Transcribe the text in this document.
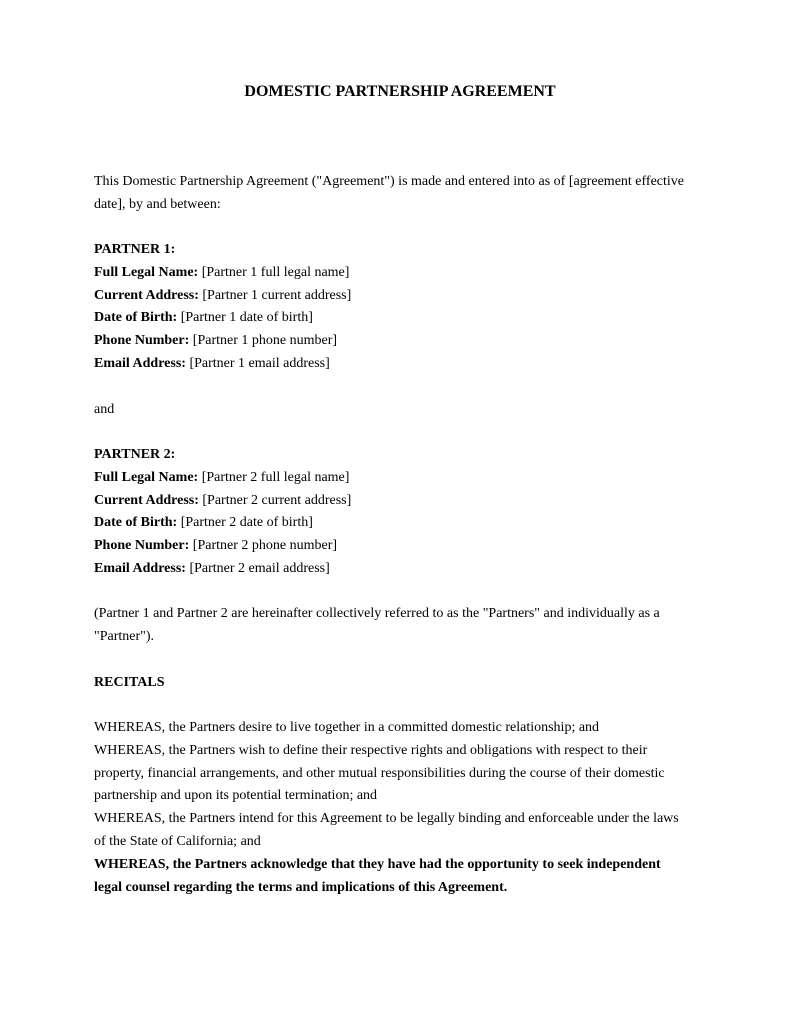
DOMESTIC PARTNERSHIP AGREEMENT
This Domestic Partnership Agreement ("Agreement") is made and entered into as of [agreement effective
date], by and between:
PARTNER 1:
Full Legal Name: [Partner 1 full legal name]
Current Address: [Partner 1 current address]
Date of Birth: [Partner 1 date of birth]
Phone Number: [Partner 1 phone number]
Email Address: [Partner 1 email address]
and
PARTNER 2:
Full Legal Name: [Partner 2 full legal name]
Current Address: [Partner 2 current address]
Date of Birth: [Partner 2 date of birth]
Phone Number: [Partner 2 phone number]
Email Address: [Partner 2 email address]
(Partner 1 and Partner 2 are hereinafter collectively referred to as the "Partners" and individually as a
"Partner").
RECITALS
WHEREAS, the Partners desire to live together in a committed domestic relationship; and
WHEREAS, the Partners wish to define their respective rights and obligations with respect to their
property, financial arrangements, and other mutual responsibilities during the course of their domestic
partnership and upon its potential termination; and
WHEREAS, the Partners intend for this Agreement to be legally binding and enforceable under the laws
of the State of California; and
WHEREAS, the Partners acknowledge that they have had the opportunity to seek independent
legal counsel regarding the terms and implications of this Agreement.
